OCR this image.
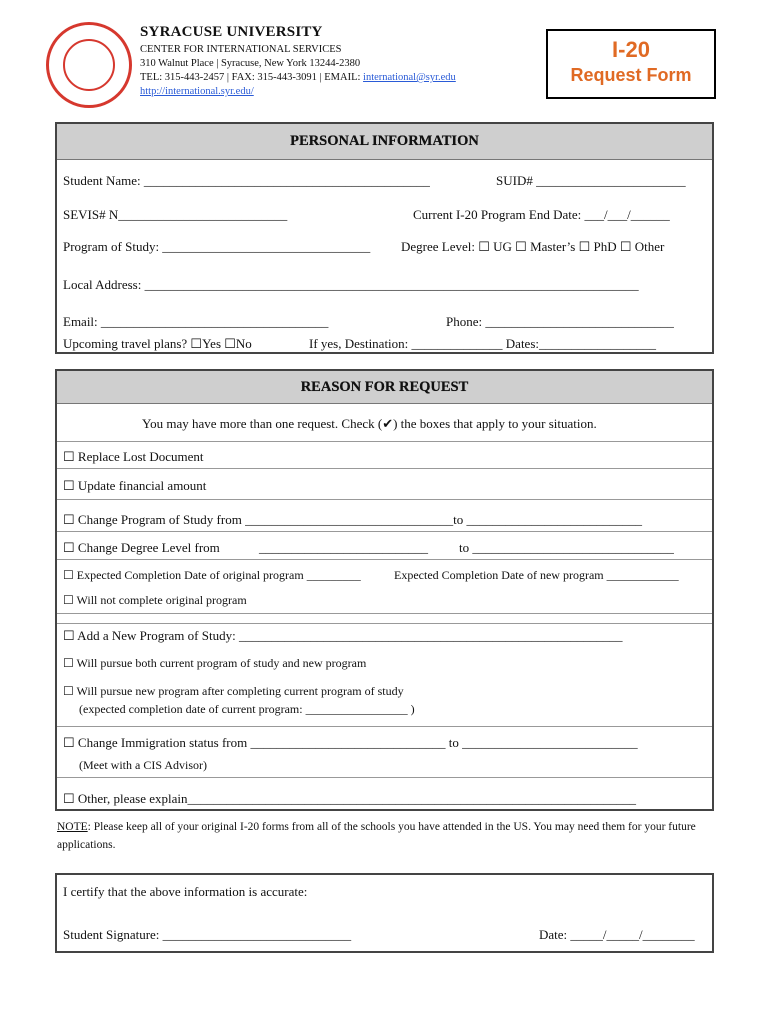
SYRACUSE UNIVERSITY
CENTER FOR INTERNATIONAL SERVICES
310 Walnut Place | Syracuse, New York 13244-2380
TEL: 315-443-2457 | FAX: 315-443-3091 | EMAIL: international@syr.edu
http://international.syr.edu/
I-20
Request Form
PERSONAL INFORMATION
Student Name: ____________________________________________	SUID# _______________________
SEVIS# N__________________________	Current I-20 Program End Date: ___/___/______
Program of Study: ________________________________ Degree Level: ☐ UG ☐ Master’s ☐ PhD ☐ Other
Local Address: ____________________________________________________________________________
Email: ___________________________________	Phone: _____________________________
Upcoming travel plans? ☐Yes ☐No	If yes, Destination: ______________ Dates:__________________
REASON FOR REQUEST
You may have more than one request. Check (✔) the boxes that apply to your situation.
☐ Replace Lost Document
☐ Update financial amount
☐ Change Program of Study from ________________________________to ___________________________
☐ Change Degree Level from	__________________________ to _______________________________
☐ Expected Completion Date of original program _________	Expected Completion Date of new program ____________
☐ Will not complete original program
☐ Add a New Program of Study: ___________________________________________________________
☐ Will pursue both current program of study and new program
☐ Will pursue new program after completing current program of study
(expected completion date of current program: _________________ )
☐ Change Immigration status from ______________________________ to ___________________________
(Meet with a CIS Advisor)
☐ Other, please explain_____________________________________________________________________
NOTE: Please keep all of your original I-20 forms from all of the schools you have attended in the US. You may need them for your future applications.
I certify that the above information is accurate:
Student Signature: _____________________________	Date: _____/_____/________
